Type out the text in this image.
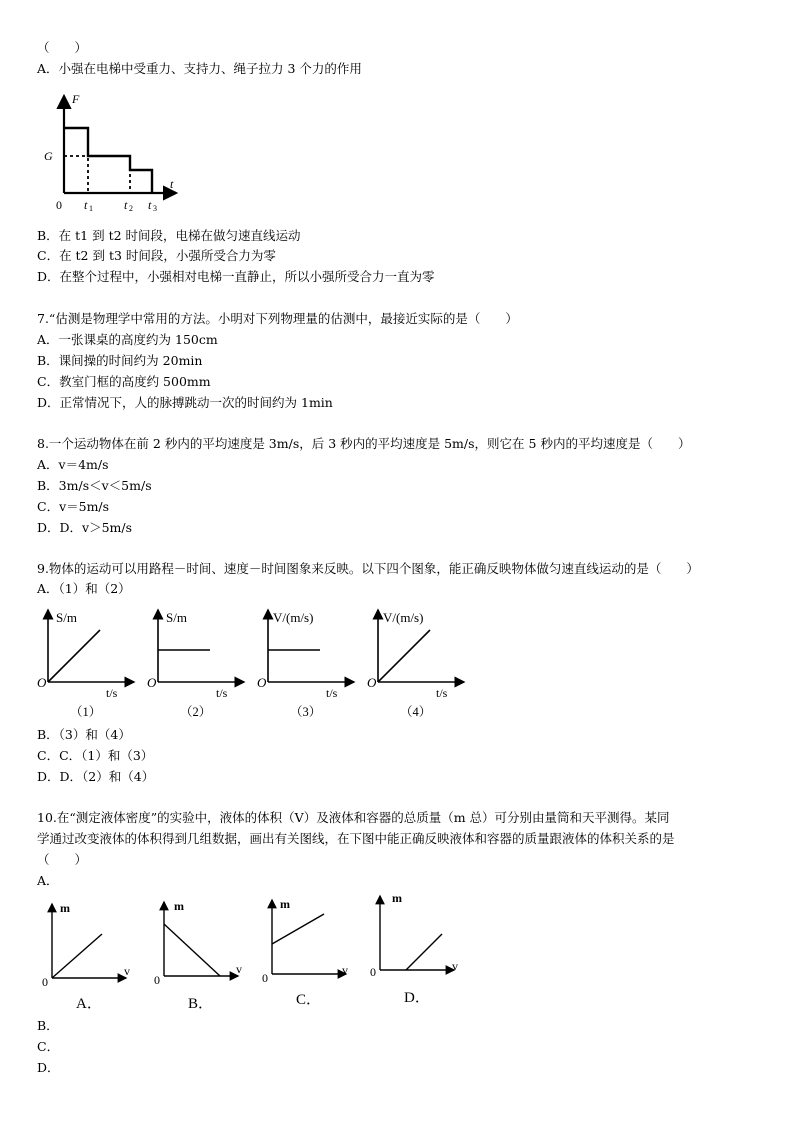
（　　）
A．小强在电梯中受重力、支持力、绳子拉力 3 个力的作用
F
G
t
0 t 1	t 2 t 3
B．在 t1 到 t2 时间段，电梯在做匀速直线运动
C．在 t2 到 t3 时间段，小强所受合力为零
D．在整个过程中，小强相对电梯一直静止，所以小强所受合力一直为零
7.“估测是物理学中常用的方法。小明对下列物理量的估测中，最接近实际的是（　　）
A．一张课桌的高度约为 150cm
B．课间操的时间约为 20min
C．教室门框的高度约 500mm
D．正常情况下，人的脉搏跳动一次的时间约为 1min
8.一个运动物体在前 2 秒内的平均速度是 3m/s，后 3 秒内的平均速度是 5m/s，则它在 5 秒内的平均速度是（　　）
A．v＝4m/s
B．3m/s＜v＜5m/s
C．v＝5m/s
D．D．v＞5m/s
9.物体的运动可以用路程－时间、速度－时间图象来反映。以下四个图象，能正确反映物体做匀速直线运动的是（　　）
A．（1）和（2）
S/m
t/s
O
（1）
S/m
t/s
O
（2）
V/(m/s)
t/s
O
（3）
V/(m/s)
t/s
O
（4）
B．（3）和（4）
C．C．（1）和（3）
D．D．（2）和（4）
10.在“测定液体密度”的实验中，液体的体积（V）及液体和容器的总质量（m 总）可分别由量筒和天平测得。某同
学通过改变液体的体积得到几组数据，画出有关图线，在下图中能正确反映液体和容器的质量跟液体的体积关系的是
（　　）
A．
m
v
0
A．
m
v
0
B．
m
v
0
C．
m
v
0
D．
B．
C．
D．
